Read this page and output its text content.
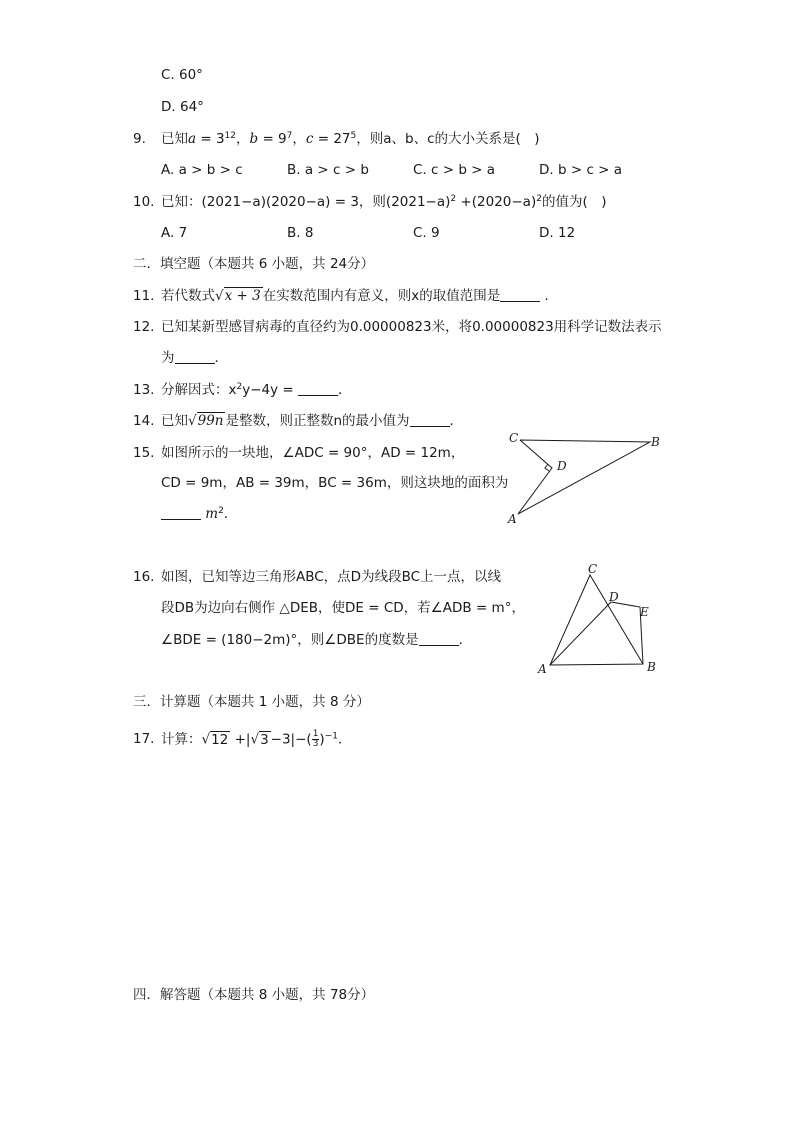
C. 60°
D. 64°
9. 已知$a = 3^{12}$，$b = 9^7$，$c = 27^5$，则a、b、c的大小关系是(　)
A. a > b > c	B. a > c > b	C. c > b > a	D. b > c > a
10. 已知：(2021−a)(2020−a) = 3，则$(2021-a)^2 +(2020-a)^2$的值为(　)
A. 7	B. 8	C. 9	D. 12
二．填空题（本题共 6 小题，共 24分）
11. 若代数式√x + 3 在实数范围内有意义，则x的取值范围是	．
12. 已知某新型感冒病毒的直径约为0.00000823米，将0.00000823用科学记数法表示
为	．
13. 分解因式：$x^2y-4y$ =	．
14. 已知√99n 是整数，则正整数n的最小值为	．
15. 如图所示的一块地，∠ADC = 90°，AD = 12m，
CD = 9m，AB = 39m，BC = 36m，则这块地的面积为
$m^2$．
C	B
D
A
16. 如图，已知等边三角形ABC，点D为线段BC上一点，以线
段DB为边向右侧作 △DEB，使DE = CD，若∠ADB = m°，
∠BDE = (180−2m)°，则∠DBE的度数是	．
C
D
E
A	B
三．计算题（本题共 1 小题，共 8 分）
17. 计算：$√12 +|√3 -3|-( \frac{1}{3} )^{-1}$．
四．解答题（本题共 8 小题，共 78分）
